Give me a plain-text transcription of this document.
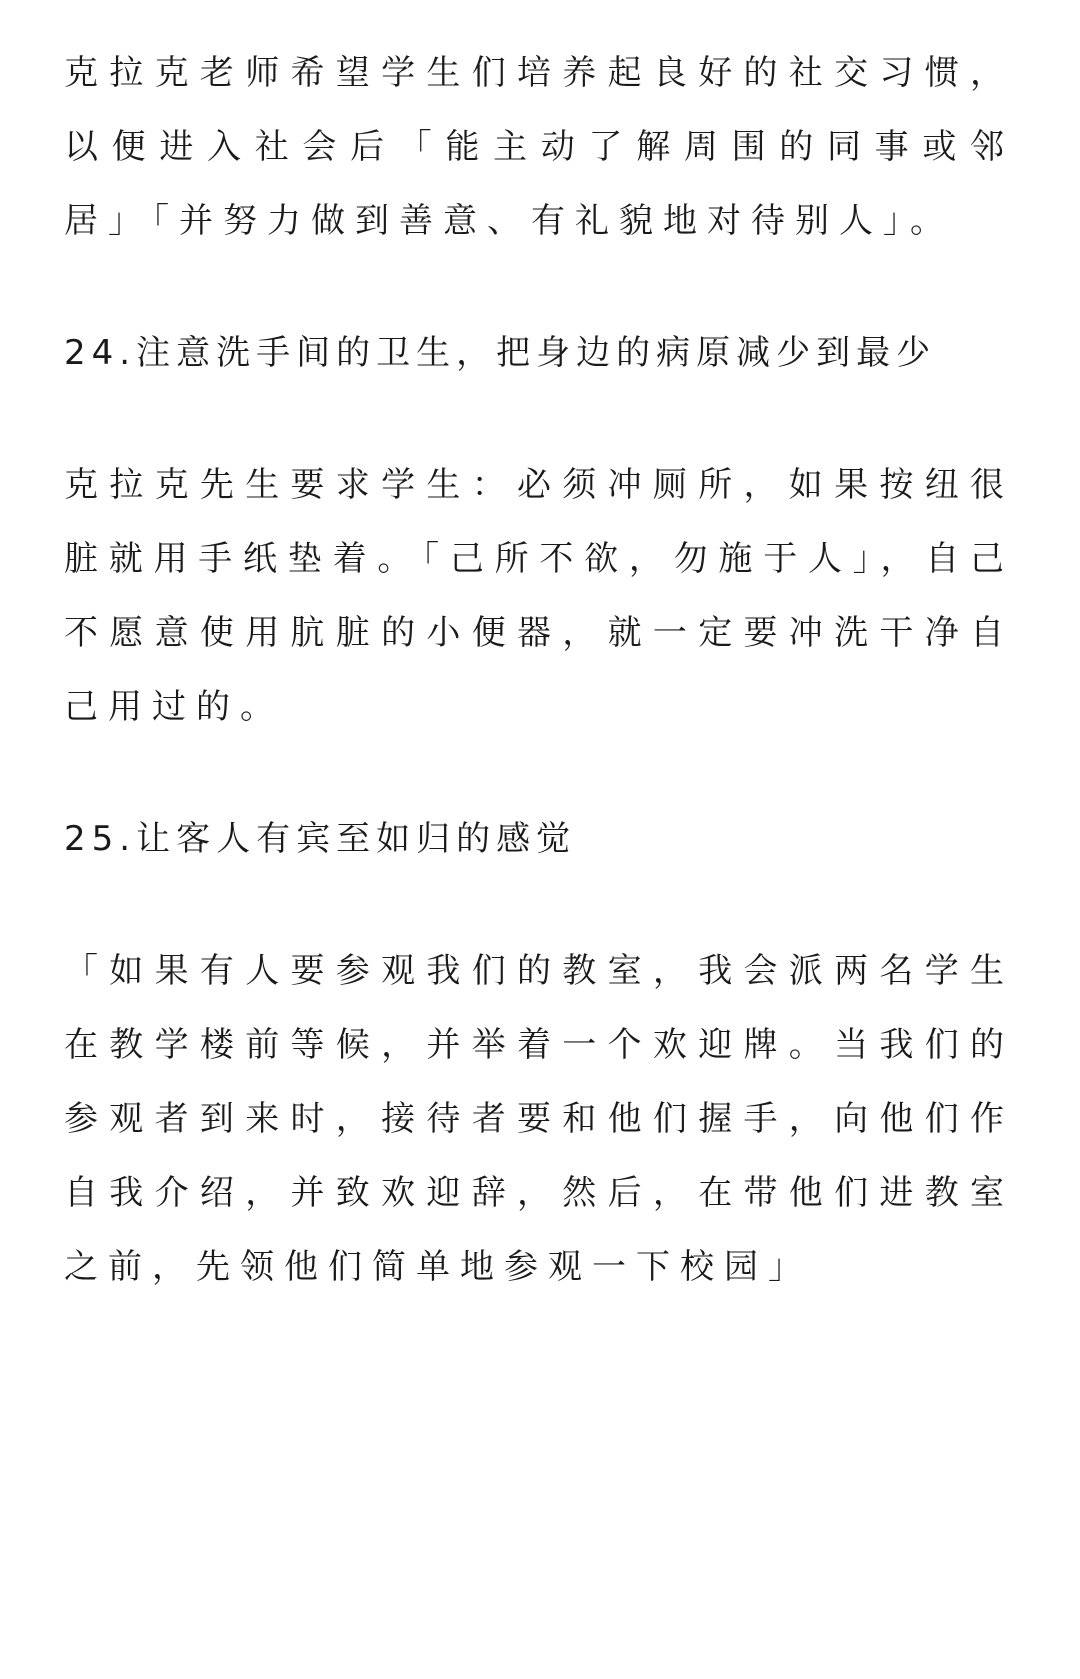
克拉克老师希望学生们培养起良好的社交习惯，以便进入社会后「能主动了解周围的同事或邻居」「并努力做到善意、有礼貌地对待别人」。

24.注意洗手间的卫生，把身边的病原减少到最少

克拉克先生要求学生：必须冲厕所，如果按纽很脏就用手纸垫着。「己所不欲，勿施于人」，自己不愿意使用肮脏的小便器，就一定要冲洗干净自己用过的。

25.让客人有宾至如归的感觉

「如果有人要参观我们的教室，我会派两名学生在教学楼前等候，并举着一个欢迎牌。当我们的参观者到来时，接待者要和他们握手，向他们作自我介绍，并致欢迎辞，然后，在带他们进教室之前，先领他们简单地参观一下校园」
